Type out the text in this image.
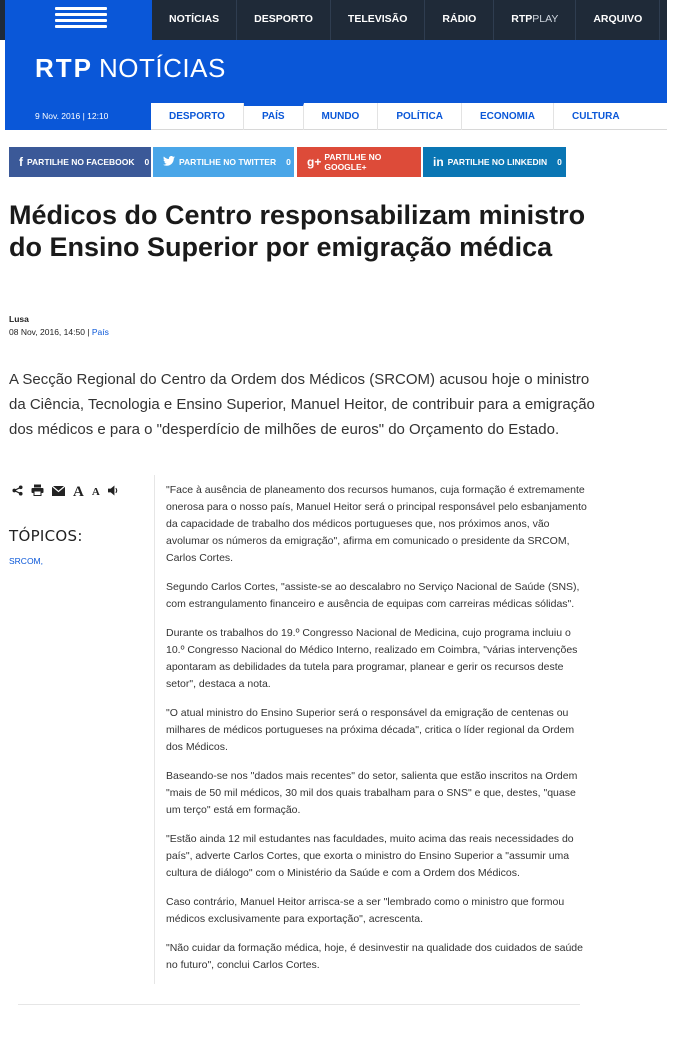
NOTÍCIAS	DESPORTO	TELEVISÃO	RÁDIO	RTPPLAY	ARQUIVO	ZI
RTP NOTÍCIAS
9 Nov. 2016 | 12:10	DESPORTO	PAÍS	MUNDO	POLÍTICA	ECONOMIA	CULTURA
f PARTILHE NO FACEBOOK 0	PARTILHE NO TWITTER 0 g+ PARTILHE NO GOOGLE+	in PARTILHE NO LINKEDIN 0
Médicos do Centro responsabilizam ministro do Ensino Superior por emigração médica
Lusa
08 Nov, 2016, 14:50 | País

A Secção Regional do Centro da Ordem dos Médicos (SRCOM) acusou hoje o ministro da Ciência, Tecnologia e Ensino Superior, Manuel Heitor, de contribuir para a emigração dos médicos e para o "desperdício de milhões de euros" do Orçamento do Estado.

A A
TÓPICOS:
SRCOM,

"Face à ausência de planeamento dos recursos humanos, cuja formação é extremamente onerosa para o nosso país, Manuel Heitor será o principal responsável pelo esbanjamento da capacidade de trabalho dos médicos portugueses que, nos próximos anos, vão avolumar os números da emigração", afirma em comunicado o presidente da SRCOM, Carlos Cortes.

Segundo Carlos Cortes, "assiste-se ao descalabro no Serviço Nacional de Saúde (SNS), com estrangulamento financeiro e ausência de equipas com carreiras médicas sólidas".

Durante os trabalhos do 19.º Congresso Nacional de Medicina, cujo programa incluiu o 10.º Congresso Nacional do Médico Interno, realizado em Coimbra, "várias intervenções apontaram as debilidades da tutela para programar, planear e gerir os recursos deste setor", destaca a nota.

"O atual ministro do Ensino Superior será o responsável da emigração de centenas ou milhares de médicos portugueses na próxima década", critica o líder regional da Ordem dos Médicos.

Baseando-se nos "dados mais recentes" do setor, salienta que estão inscritos na Ordem "mais de 50 mil médicos, 30 mil dos quais trabalham para o SNS" e que, destes, "quase um terço" está em formação.

"Estão ainda 12 mil estudantes nas faculdades, muito acima das reais necessidades do país", adverte Carlos Cortes, que exorta o ministro do Ensino Superior a "assumir uma cultura de diálogo" com o Ministério da Saúde e com a Ordem dos Médicos.

Caso contrário, Manuel Heitor arrisca-se a ser "lembrado como o ministro que formou médicos exclusivamente para exportação", acrescenta.

"Não cuidar da formação médica, hoje, é desinvestir na qualidade dos cuidados de saúde no futuro", conclui Carlos Cortes.
